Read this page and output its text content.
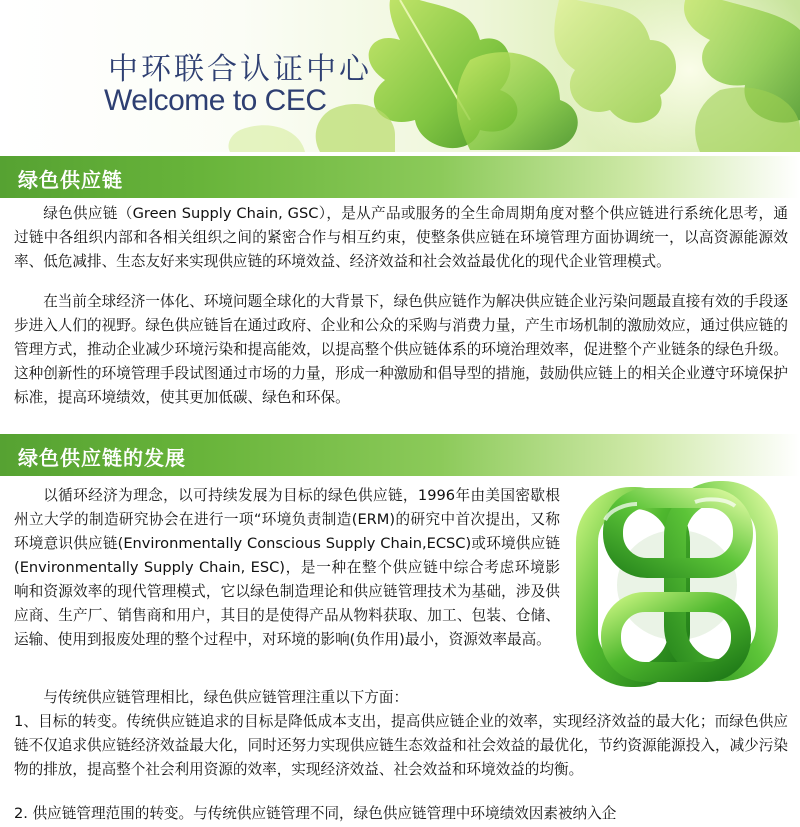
中环联合认证中心
Welcome to CEC
绿色供应链

绿色供应链（Green Supply Chain, GSC），是从产品或服务的全生命周期角度对整个供应链进行系统化思考，通过链中各组织内部和各相关组织之间的紧密合作与相互约束，使整条供应链在环境管理方面协调统一，以高资源能源效率、低危减排、生态友好来实现供应链的环境效益、经济效益和社会效益最优化的现代企业管理模式。

在当前全球经济一体化、环境问题全球化的大背景下，绿色供应链作为解决供应链企业污染问题最直接有效的手段逐步进入人们的视野。绿色供应链旨在通过政府、企业和公众的采购与消费力量，产生市场机制的激励效应，通过供应链的管理方式，推动企业减少环境污染和提高能效，以提高整个供应链体系的环境治理效率，促进整个产业链条的绿色升级。这种创新性的环境管理手段试图通过市场的力量，形成一种激励和倡导型的措施，鼓励供应链上的相关企业遵守环境保护标准，提高环境绩效，使其更加低碳、绿色和环保。

绿色供应链的发展

以循环经济为理念，以可持续发展为目标的绿色供应链，1996年由美国密歇根州立大学的制造研究协会在进行一项“环境负责制造(ERM)的研究中首次提出，又称环境意识供应链(Environmentally Conscious Supply Chain,ECSC)或环境供应链(Environmentally Supply Chain, ESC)，是一种在整个供应链中综合考虑环境影响和资源效率的现代管理模式，它以绿色制造理论和供应链管理技术为基础，涉及供应商、生产厂、销售商和用户，其目的是使得产品从物料获取、加工、包装、仓储、运输、使用到报废处理的整个过程中，对环境的影响(负作用)最小，资源效率最高。

与传统供应链管理相比，绿色供应链管理注重以下方面：

1、目标的转变。传统供应链追求的目标是降低成本支出，提高供应链企业的效率，实现经济效益的最大化；而绿色供应链不仅追求供应链经济效益最大化，同时还努力实现供应链生态效益和社会效益的最优化，节约资源能源投入，减少污染物的排放，提高整个社会利用资源的效率，实现经济效益、社会效益和环境效益的均衡。

2. 供应链管理范围的转变。与传统供应链管理不同，绿色供应链管理中环境绩效因素被纳入企
